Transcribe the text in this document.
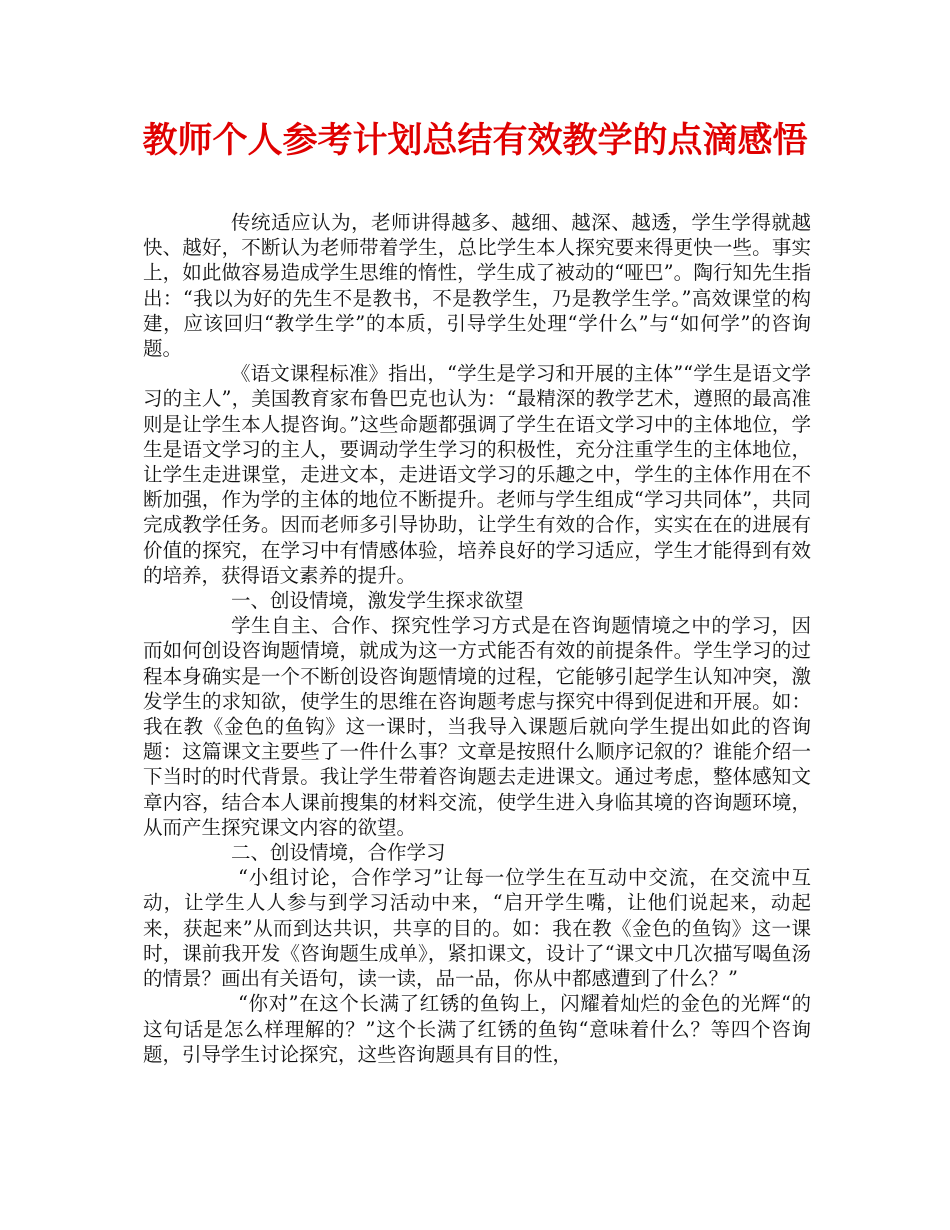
教师个人参考计划总结有效教学的点滴感悟

传统适应认为，老师讲得越多、越细、越深、越透，学生学得就越快、越好，不断认为老师带着学生，总比学生本人探究要来得更快一些。事实上，如此做容易造成学生思维的惰性，学生成了被动的“哑巴”。陶行知先生指出：“我以为好的先生不是教书，不是教学生，乃是教学生学。”高效课堂的构建，应该回归“教学生学”的本质，引导学生处理“学什么”与“如何学”的咨询题。

《语文课程标准》指出，“学生是学习和开展的主体”“学生是语文学习的主人”，美国教育家布鲁巴克也认为：“最精深的教学艺术，遵照的最高准则是让学生本人提咨询。”这些命题都强调了学生在语文学习中的主体地位，学生是语文学习的主人，要调动学生学习的积极性，充分注重学生的主体地位，让学生走进课堂，走进文本，走进语文学习的乐趣之中，学生的主体作用在不断加强，作为学的主体的地位不断提升。老师与学生组成“学习共同体”，共同完成教学任务。因而老师多引导协助，让学生有效的合作，实实在在的进展有价值的探究，在学习中有情感体验，培养良好的学习适应，学生才能得到有效的培养，获得语文素养的提升。

一、创设情境，激发学生探求欲望

学生自主、合作、探究性学习方式是在咨询题情境之中的学习，因而如何创设咨询题情境，就成为这一方式能否有效的前提条件。学生学习的过程本身确实是一个不断创设咨询题情境的过程，它能够引起学生认知冲突，激发学生的求知欲，使学生的思维在咨询题考虑与探究中得到促进和开展。如：我在教《金色的鱼钩》这一课时，当我导入课题后就向学生提出如此的咨询题：这篇课文主要些了一件什么事？文章是按照什么顺序记叙的？谁能介绍一下当时的时代背景。我让学生带着咨询题去走进课文。通过考虑，整体感知文章内容，结合本人课前搜集的材料交流，使学生进入身临其境的咨询题环境，从而产生探究课文内容的欲望。

二、创设情境，合作学习

“小组讨论，合作学习”让每一位学生在互动中交流，在交流中互动，让学生人人参与到学习活动中来，“启开学生嘴，让他们说起来，动起来，获起来”从而到达共识，共享的目的。如：我在教《金色的鱼钩》这一课时，课前我开发《咨询题生成单》，紧扣课文，设计了“课文中几次描写喝鱼汤的情景？画出有关语句，读一读，品一品，你从中都感遭到了什么？”

“你对”在这个长满了红锈的鱼钩上，闪耀着灿烂的金色的光辉“的这句话是怎么样理解的？”这个长满了红锈的鱼钩“意味着什么？等四个咨询题，引导学生讨论探究，这些咨询题具有目的性，
